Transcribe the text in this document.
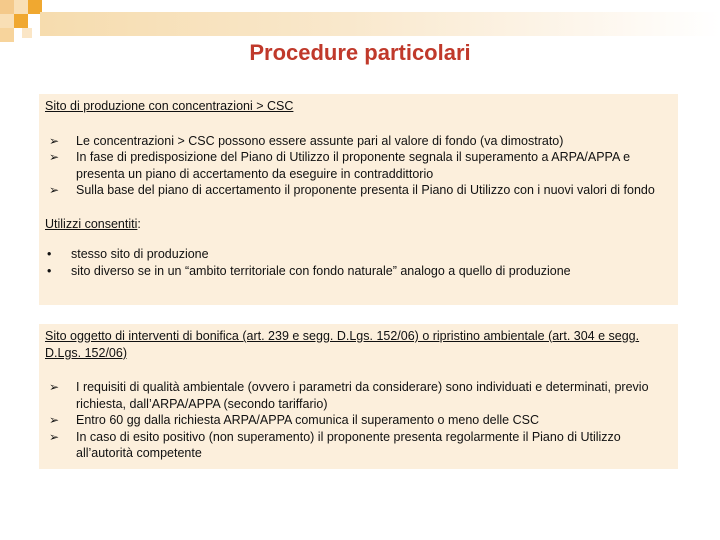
Procedure particolari
Sito di produzione con concentrazioni > CSC
➢ Le concentrazioni > CSC possono essere assunte pari al valore di fondo (va dimostrato)
➢ In fase di predisposizione del Piano di Utilizzo il proponente segnala il superamento a ARPA/APPA e presenta un piano di accertamento da eseguire in contraddittorio
➢ Sulla base del piano di accertamento il proponente presenta il Piano di Utilizzo con i nuovi valori di fondo
Utilizzi consentiti:
• stesso sito di produzione
• sito diverso se in un “ambito territoriale con fondo naturale” analogo a quello di produzione
Sito oggetto di interventi di bonifica (art. 239 e segg. D.Lgs. 152/06) o ripristino ambientale (art. 304 e segg. D.Lgs. 152/06)
➢ I requisiti di qualità ambientale (ovvero i parametri da considerare) sono individuati e determinati, previo richiesta, dall’ARPA/APPA (secondo tariffario)
➢ Entro 60 gg dalla richiesta ARPA/APPA comunica il superamento o meno delle CSC
➢ In caso di esito positivo (non superamento) il proponente presenta regolarmente il Piano di Utilizzo all’autorità competente
